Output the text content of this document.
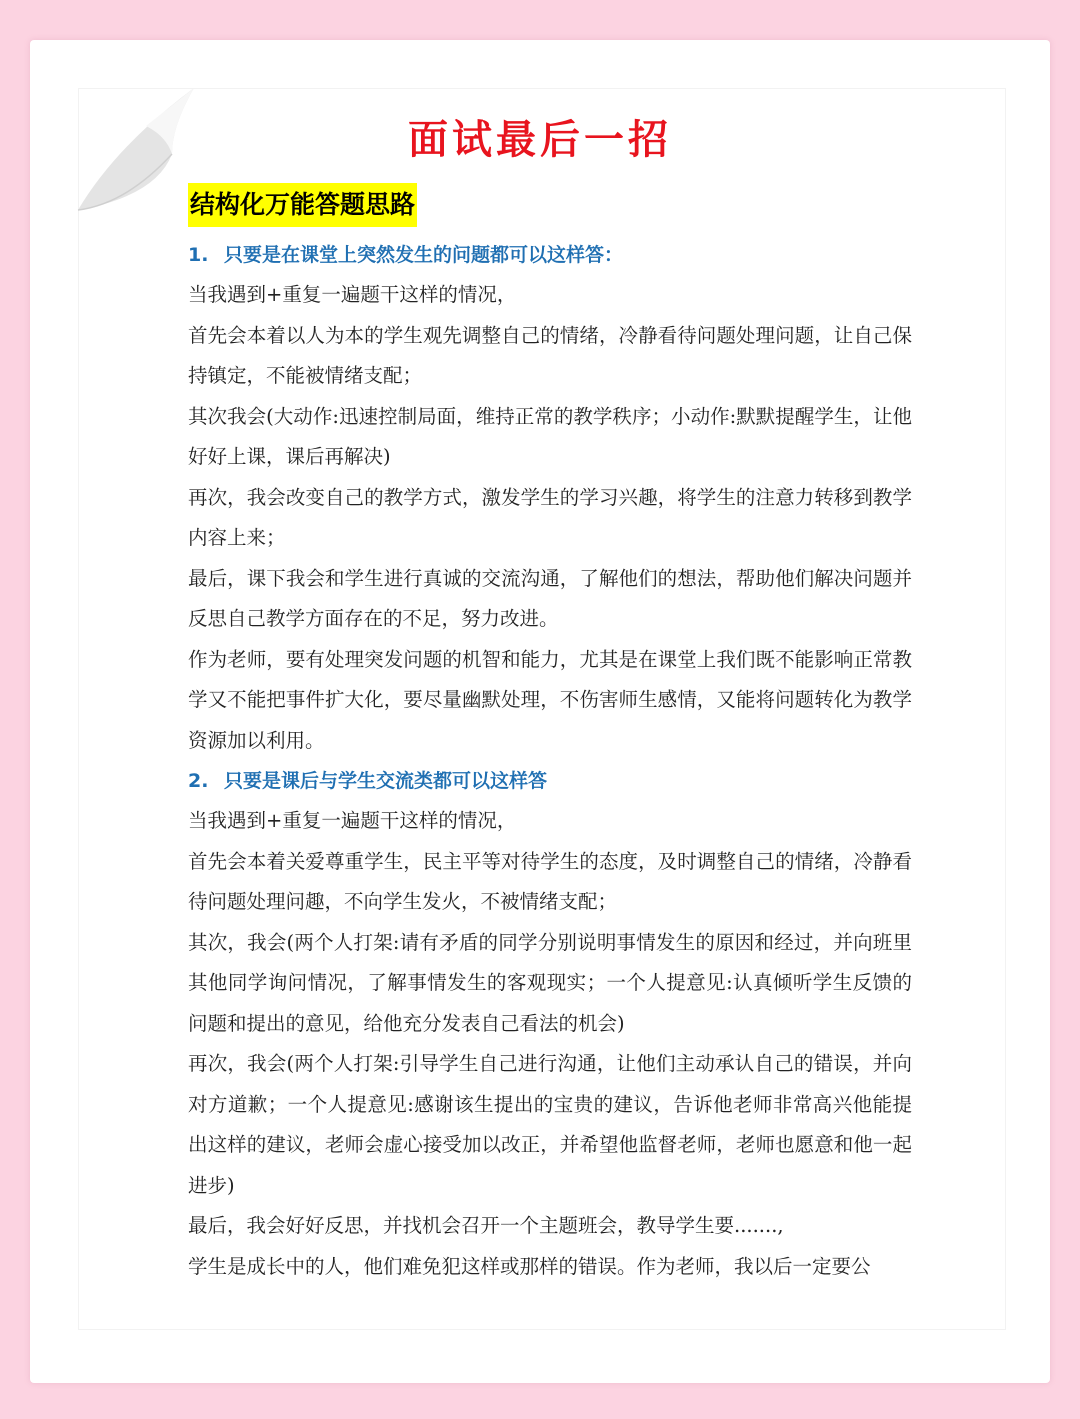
面试最后一招
结构化万能答题思路
1. 只要是在课堂上突然发生的问题都可以这样答：

当我遇到+重复一遍题干这样的情况，

首先会本着以人为本的学生观先调整自己的情绪，冷静看待问题处理问题，让自己保持镇定，不能被情绪支配；

其次我会(大动作:迅速控制局面，维持正常的教学秩序；小动作:默默提醒学生，让他好好上课，课后再解决)

再次，我会改变自己的教学方式，激发学生的学习兴趣，将学生的注意力转移到教学内容上来；

最后，课下我会和学生进行真诚的交流沟通，了解他们的想法，帮助他们解决问题并反思自己教学方面存在的不足，努力改进。

作为老师，要有处理突发问题的机智和能力，尤其是在课堂上我们既不能影响正常教学又不能把事件扩大化，要尽量幽默处理，不伤害师生感情，又能将问题转化为教学资源加以利用。

2. 只要是课后与学生交流类都可以这样答

当我遇到+重复一遍题干这样的情况，

首先会本着关爱尊重学生，民主平等对待学生的态度，及时调整自己的情绪，冷静看待问题处理问趣，不向学生发火，不被情绪支配；

其次，我会(两个人打架:请有矛盾的同学分别说明事情发生的原因和经过，并向班里其他同学询问情况，了解事情发生的客观现实；一个人提意见:认真倾听学生反馈的问题和提出的意见，给他充分发表自己看法的机会)

再次，我会(两个人打架:引导学生自己进行沟通，让他们主动承认自己的错误，并向对方道歉；一个人提意见:感谢该生提出的宝贵的建议，告诉他老师非常高兴他能提出这样的建议，老师会虚心接受加以改正，并希望他监督老师，老师也愿意和他一起进步)

最后，我会好好反思，并找机会召开一个主题班会，教导学生要.......,

学生是成长中的人，他们难免犯这样或那样的错误。作为老师，我以后一定要公
